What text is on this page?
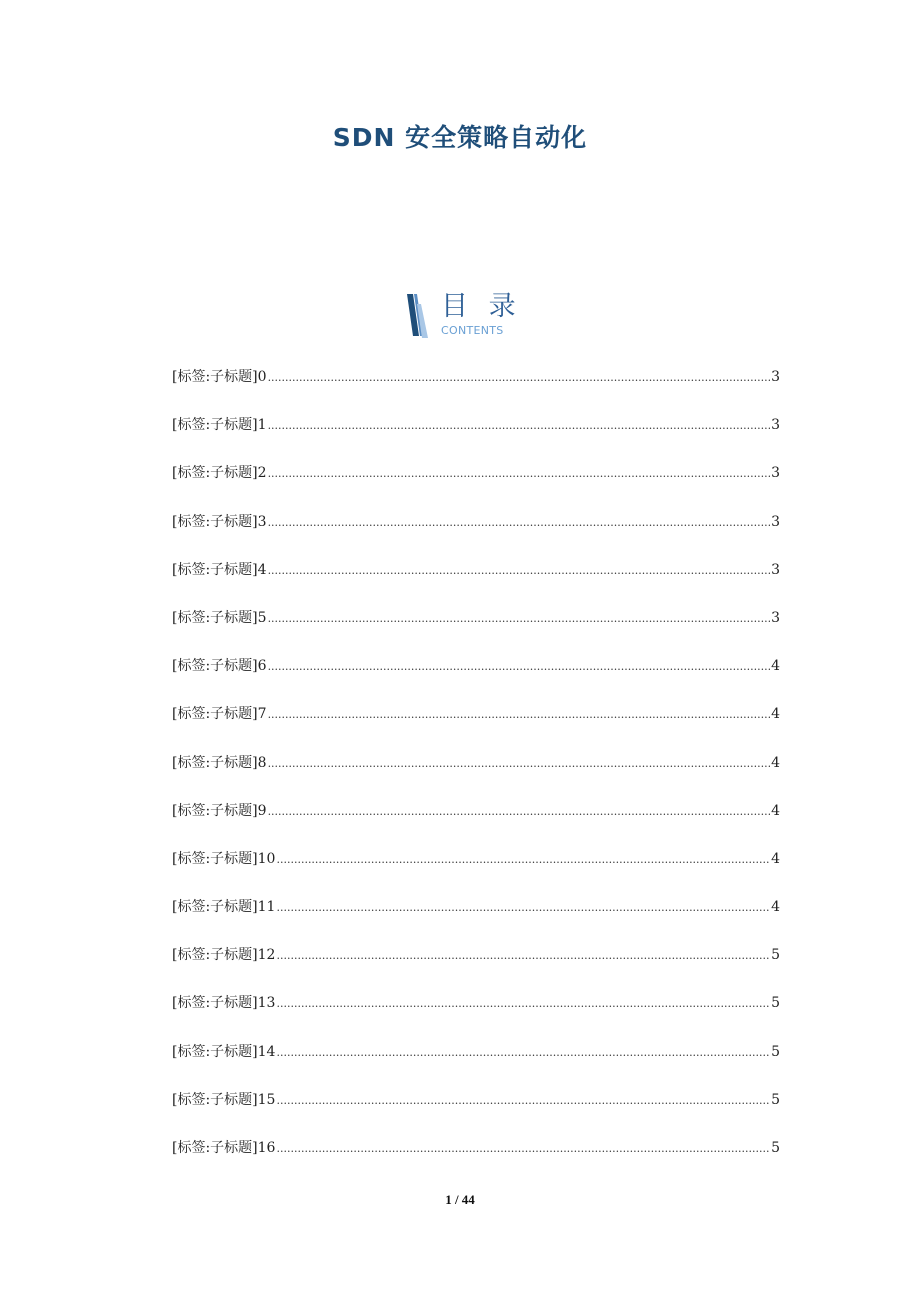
SDN 安全策略自动化
目 录
CONTENTS
[标签:子标题]0 .....	3
[标签:子标题]1 .....	3
[标签:子标题]2 .....	3
[标签:子标题]3 .....	3
[标签:子标题]4 .....	3
[标签:子标题]5 .....	3
[标签:子标题]6 .....	4
[标签:子标题]7 .....	4
[标签:子标题]8 .....	4
[标签:子标题]9 .....	4
[标签:子标题]10 .....	4
[标签:子标题]11 .....	4
[标签:子标题]12 .....	5
[标签:子标题]13 .....	5
[标签:子标题]14 .....	5
[标签:子标题]15 .....	5
[标签:子标题]16 .....	5
1 / 44
